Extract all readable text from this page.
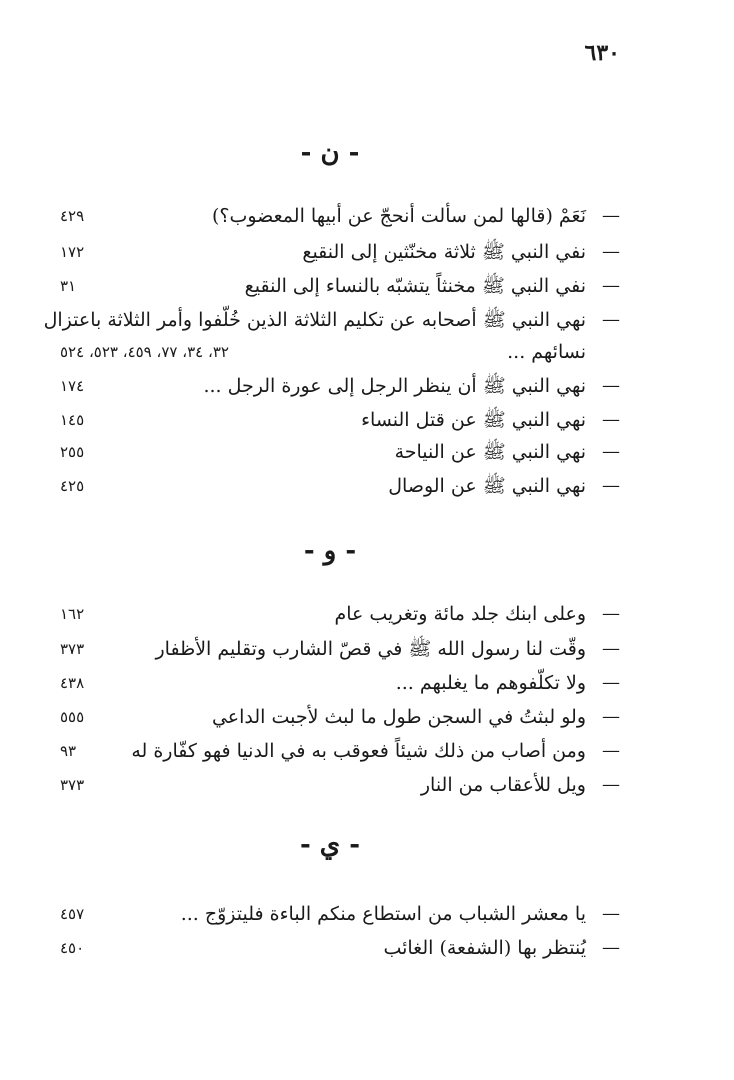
٦٣٠
- ن -
—
نَعَمْ (قالها لمن سألت أنحجّ عن أبيها المعضوب؟)
٤٢٩
—
نفي النبي ﷺ ثلاثة مخنّثين إلى النقيع
١٧٢
—
نفي النبي ﷺ مخنثاً يتشبّه بالنساء إلى النقيع
٣١
—
نهي النبي ﷺ أصحابه عن تكليم الثلاثة الذين خُلّفوا وأمر الثلاثة باعتزال
نسائهم ...
٣٢، ٣٤، ٧٧، ٤٥٩، ٥٢٣، ٥٢٤
—
نهي النبي ﷺ أن ينظر الرجل إلى عورة الرجل ...
١٧٤
—
نهي النبي ﷺ عن قتل النساء
١٤٥
—
نهي النبي ﷺ عن النياحة
٢٥٥
—
نهي النبي ﷺ عن الوصال
٤٢٥
- و -
—
وعلى ابنك جلد مائة وتغريب عام
١٦٢
—
وقّت لنا رسول الله ﷺ في قصّ الشارب وتقليم الأظفار
٣٧٣
—
ولا تكلّفوهم ما يغلبهم ...
٤٣٨
—
ولو لبثتُ في السجن طول ما لبث لأجبت الداعي
٥٥٥
—
ومن أصاب من ذلك شيئاً فعوقب به في الدنيا فهو كفّارة له
٩٣
—
ويل للأعقاب من النار
٣٧٣
- ي -
—
يا معشر الشباب من استطاع منكم الباءة فليتزوّج ...
٤٥٧
—
يُنتظر بها (الشفعة) الغائب
٤٥٠
